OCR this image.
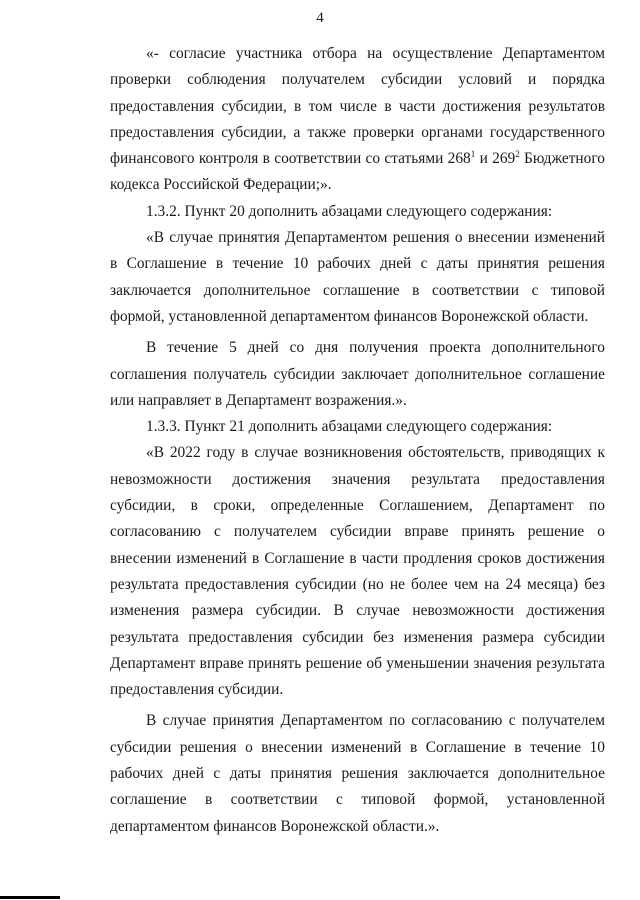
4

«- согласие участника отбора на осуществление Департаментом проверки соблюдения получателем субсидии условий и порядка предоставления субсидии, в том числе в части достижения результатов предоставления субсидии, а также проверки органами государственного финансового контроля в соответствии со статьями $268^1$ и $269^2$ Бюджетного кодекса Российской Федерации;».

1.3.2. Пункт 20 дополнить абзацами следующего содержания:

«В случае принятия Департаментом решения о внесении изменений в Соглашение в течение 10 рабочих дней с даты принятия решения заключается дополнительное соглашение в соответствии с типовой формой, установленной департаментом финансов Воронежской области.

В течение 5 дней со дня получения проекта дополнительного соглашения получатель субсидии заключает дополнительное соглашение или направляет в Департамент возражения.».

1.3.3. Пункт 21 дополнить абзацами следующего содержания:

«В 2022 году в случае возникновения обстоятельств, приводящих к невозможности достижения значения результата предоставления субсидии, в сроки, определенные Соглашением, Департамент по согласованию с получателем субсидии вправе принять решение о внесении изменений в Соглашение в части продления сроков достижения результата предоставления субсидии (но не более чем на 24 месяца) без изменения размера субсидии. В случае невозможности достижения результата предоставления субсидии без изменения размера субсидии Департамент вправе принять решение об уменьшении значения результата предоставления субсидии.

В случае принятия Департаментом по согласованию с получателем субсидии решения о внесении изменений в Соглашение в течение 10 рабочих дней с даты принятия решения заключается дополнительное соглашение в соответствии с типовой формой, установленной департаментом финансов Воронежской области.».
